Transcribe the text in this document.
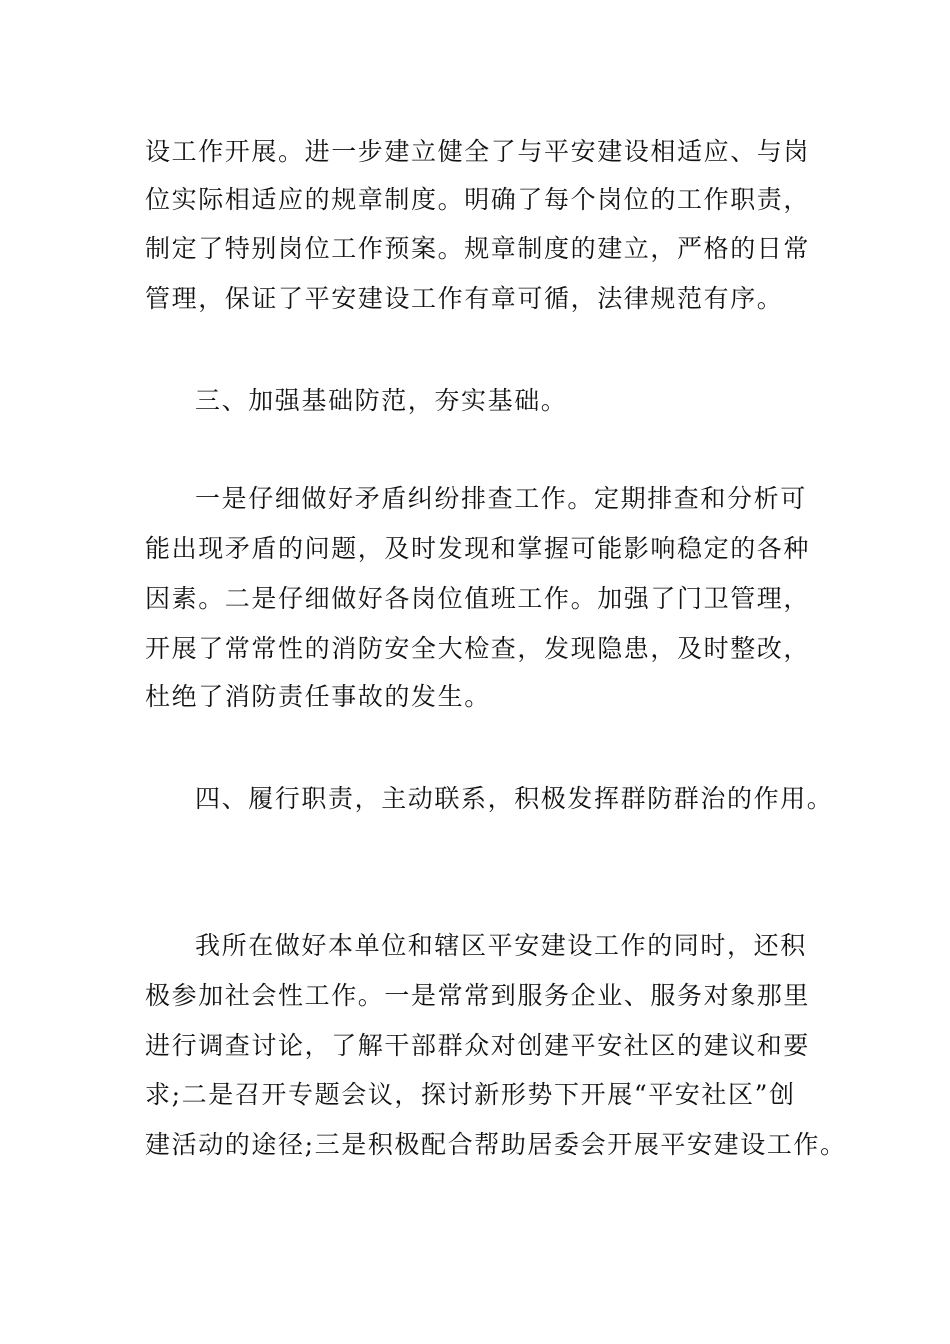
设工作开展。进一步建立健全了与平安建设相适应、与岗
位实际相适应的规章制度。明确了每个岗位的工作职责，
制定了特别岗位工作预案。规章制度的建立，严格的日常
管理，保证了平安建设工作有章可循，法律规范有序。
三、加强基础防范，夯实基础。
一是仔细做好矛盾纠纷排查工作。定期排查和分析可
能出现矛盾的问题，及时发现和掌握可能影响稳定的各种
因素。二是仔细做好各岗位值班工作。加强了门卫管理，
开展了常常性的消防安全大检查，发现隐患，及时整改，
杜绝了消防责任事故的发生。
四、履行职责，主动联系，积极发挥群防群治的作用。
我所在做好本单位和辖区平安建设工作的同时，还积
极参加社会性工作。一是常常到服务企业、服务对象那里
进行调查讨论，了解干部群众对创建平安社区的建议和要
求;二是召开专题会议，探讨新形势下开展“平安社区”创
建活动的途径;三是积极配合帮助居委会开展平安建设工作。
